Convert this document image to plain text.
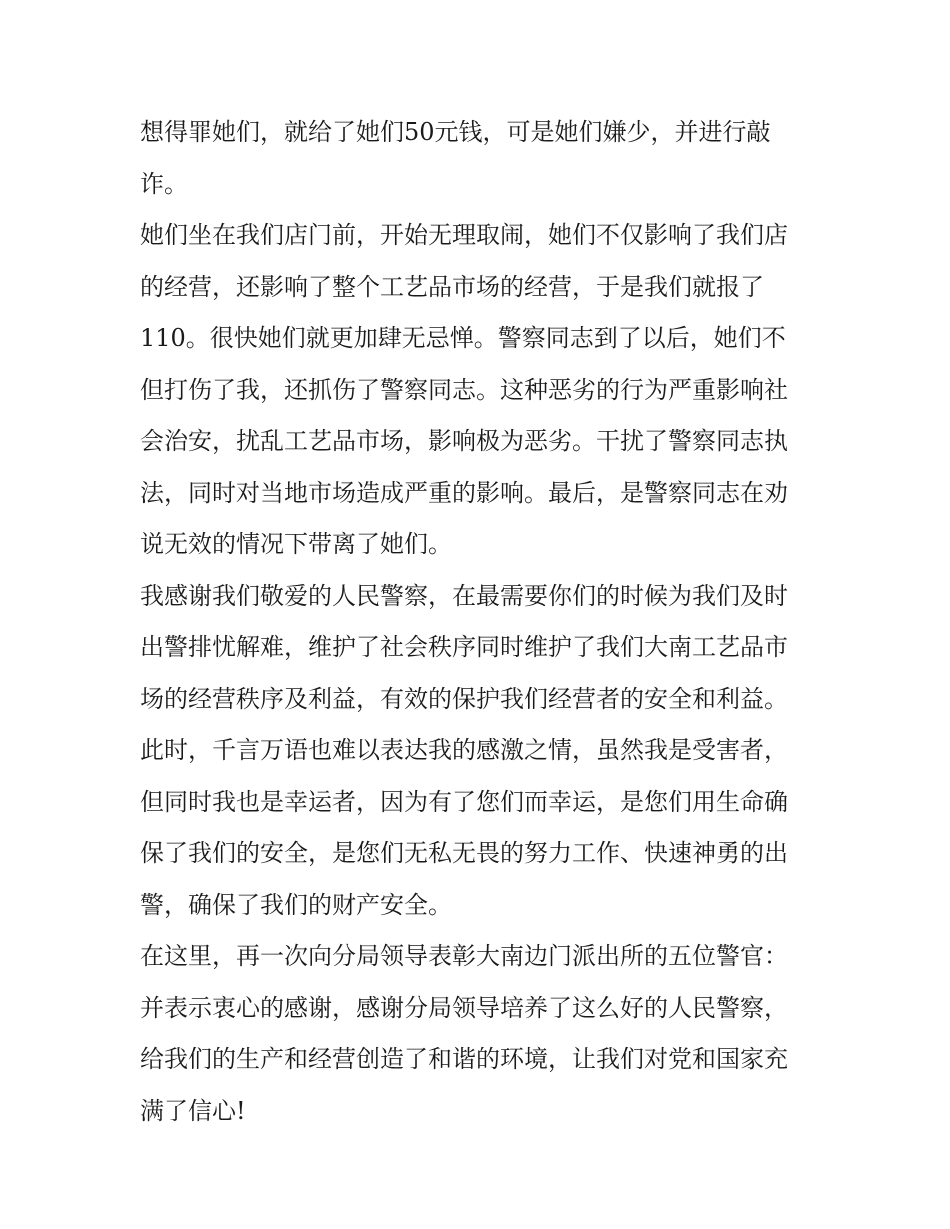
想得罪她们，就给了她们50元钱，可是她们嫌少，并进行敲
诈。
她们坐在我们店门前，开始无理取闹，她们不仅影响了我们店
的经营，还影响了整个工艺品市场的经营，于是我们就报了
110。很快她们就更加肆无忌惮。警察同志到了以后，她们不
但打伤了我，还抓伤了警察同志。这种恶劣的行为严重影响社
会治安，扰乱工艺品市场，影响极为恶劣。干扰了警察同志执
法，同时对当地市场造成严重的影响。最后，是警察同志在劝
说无效的情况下带离了她们。
我感谢我们敬爱的人民警察，在最需要你们的时候为我们及时
出警排忧解难，维护了社会秩序同时维护了我们大南工艺品市
场的经营秩序及利益，有效的保护我们经营者的安全和利益。
此时，千言万语也难以表达我的感激之情，虽然我是受害者，
但同时我也是幸运者，因为有了您们而幸运，是您们用生命确
保了我们的安全，是您们无私无畏的努力工作、快速神勇的出
警，确保了我们的财产安全。
在这里，再一次向分局领导表彰大南边门派出所的五位警官：
并表示衷心的感谢，感谢分局领导培养了这么好的人民警察，
给我们的生产和经营创造了和谐的环境，让我们对党和国家充
满了信心!
